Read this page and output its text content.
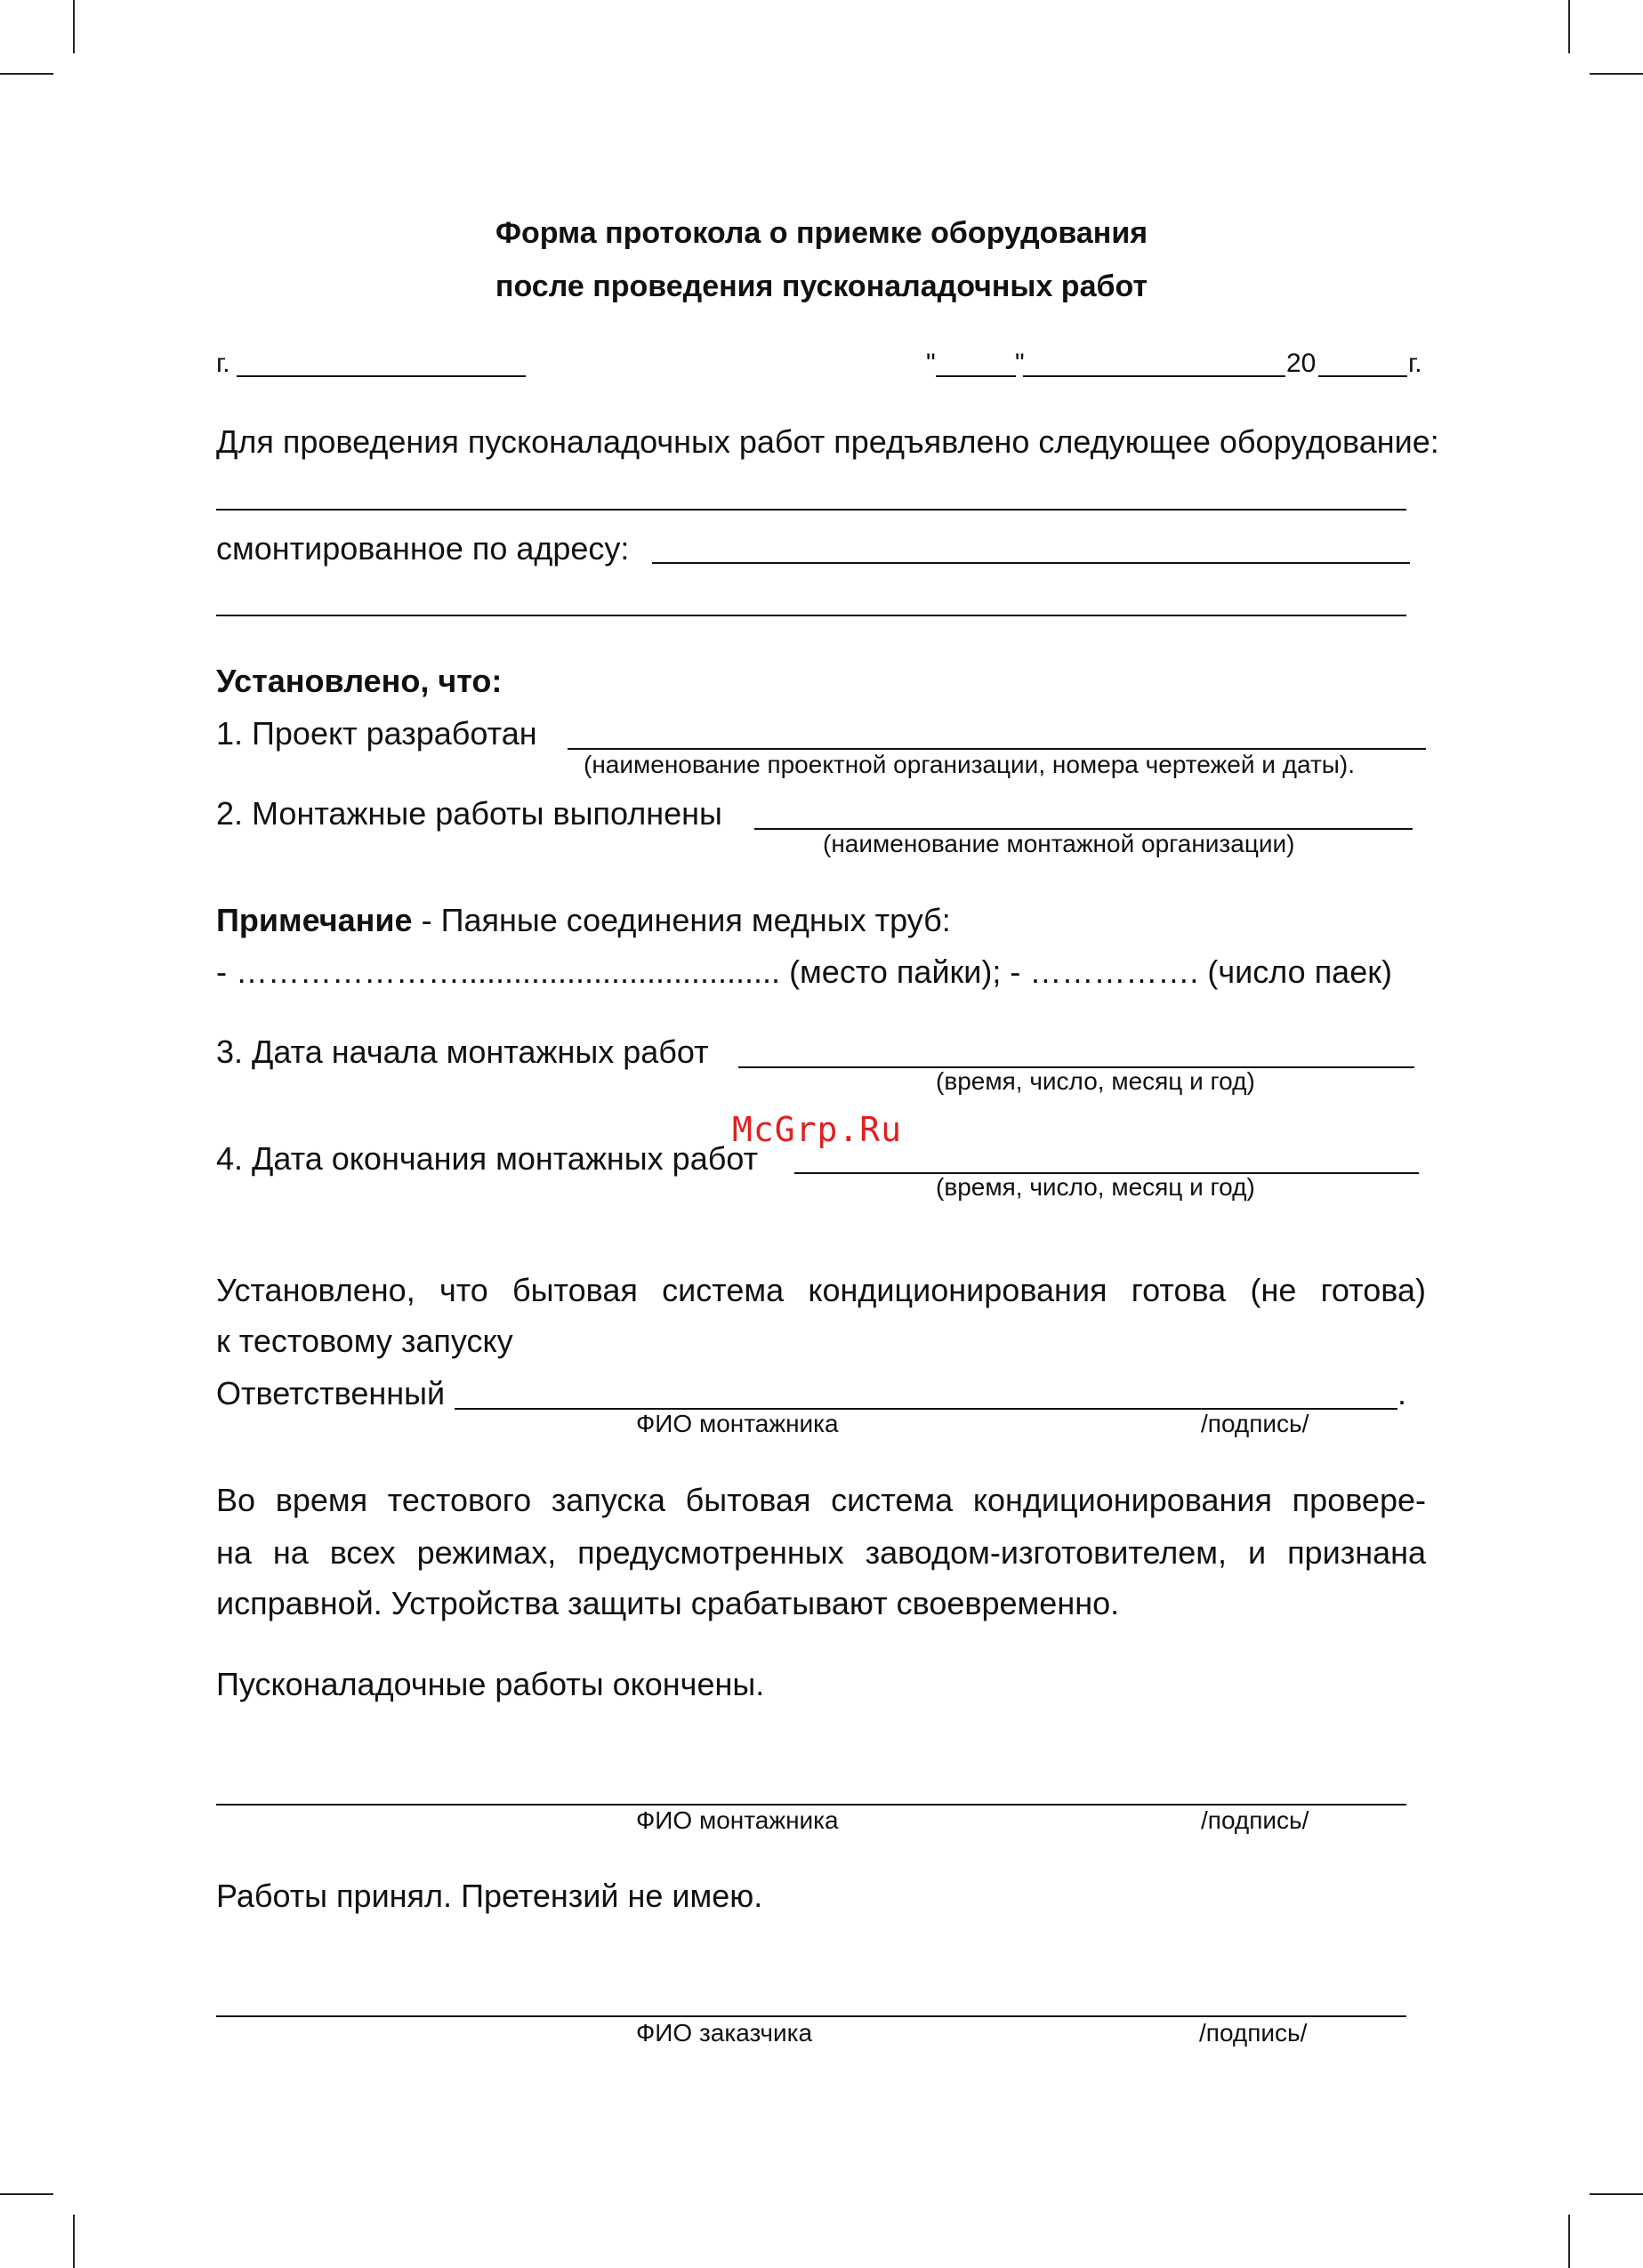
Форма протокола о приемке оборудования
после проведения пусконаладочных работ
г.	"	"	20	г.
Для проведения пусконаладочных работ предъявлено следующее оборудование:
смонтированное по адресу:
Установлено, что:
1. Проект разработан
(наименование проектной организации, номера чертежей и даты).
2. Монтажные работы выполнены
(наименование монтажной организации)
Примечание - Паяные соединения медных труб:
- ………………….................................... (место пайки); - ……………. (число паек)
3. Дата начала монтажных работ
(время, число, месяц и год)
McGrp.Ru
4. Дата окончания монтажных работ
(время, число, месяц и год)
Установлено, что бытовая система кондиционирования готова (не готова)
к тестовому запуску
Ответственный	.
ФИО монтажника	/подпись/
Во время тестового запуска бытовая система кондиционирования провере-
на на всех режимах, предусмотренных заводом-изготовителем, и признана
исправной. Устройства защиты срабатывают своевременно.
Пусконаладочные работы окончены.
ФИО монтажника	/подпись/
Работы принял. Претензий не имею.
ФИО заказчика	/подпись/
